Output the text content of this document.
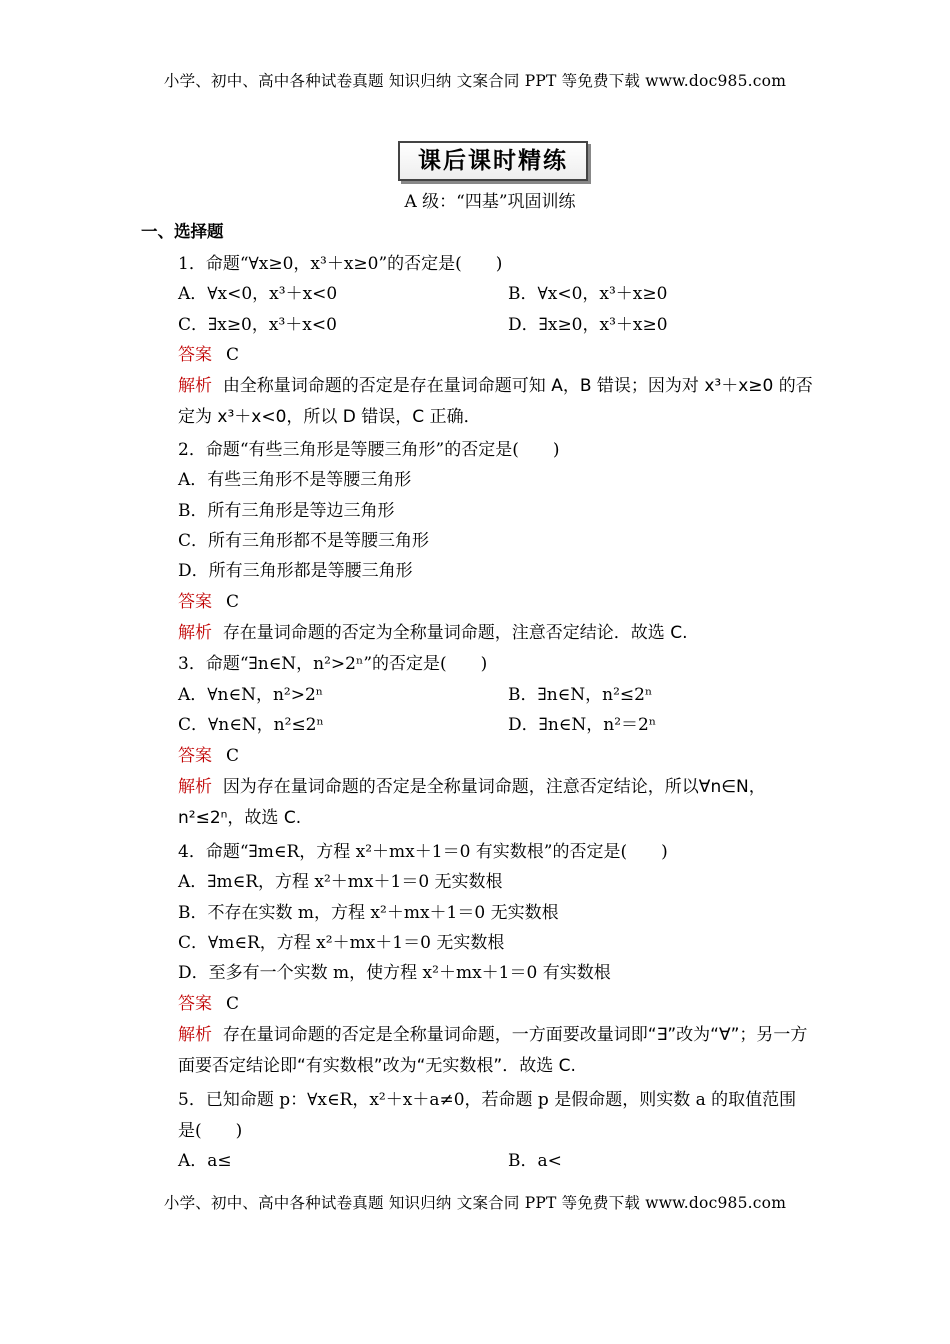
小学、初中、高中各种试卷真题 知识归纳 文案合同 PPT 等免费下载 www.doc985.com
课后课时精练
A 级：“四基”巩固训练
一、选择题
1．命题“∀x≥0，x³＋x≥0”的否定是(　　)
A．∀x<0，x³＋x<0	B．∀x<0，x³＋x≥0
C．∃x≥0，x³＋x<0	D．∃x≥0，x³＋x≥0
答案 C
解析 由全称量词命题的否定是存在量词命题可知 A，B 错误；因为对 x³＋x≥0 的否定为 x³＋x<0，所以 D 错误，C 正确．
2．命题“有些三角形是等腰三角形”的否定是(　　)
A．有些三角形不是等腰三角形
B．所有三角形是等边三角形
C．所有三角形都不是等腰三角形
D．所有三角形都是等腰三角形
答案 C
解析 存在量词命题的否定为全称量词命题，注意否定结论．故选 C.
3．命题“∃n∈N，n²>2ⁿ”的否定是(　　)
A．∀n∈N，n²>2ⁿ	B．∃n∈N，n²≤2ⁿ
C．∀n∈N，n²≤2ⁿ	D．∃n∈N，n²＝2ⁿ
答案 C
解析 因为存在量词命题的否定是全称量词命题，注意否定结论，所以∀n∈N，n²≤2ⁿ，故选 C.
4．命题“∃m∈R，方程 x²＋mx＋1＝0 有实数根”的否定是(　　)
A．∃m∈R，方程 x²＋mx＋1＝0 无实数根
B．不存在实数 m，方程 x²＋mx＋1＝0 无实数根
C．∀m∈R，方程 x²＋mx＋1＝0 无实数根
D．至多有一个实数 m，使方程 x²＋mx＋1＝0 有实数根
答案 C
解析 存在量词命题的否定是全称量词命题，一方面要改量词即“∃”改为“∀”；另一方面要否定结论即“有实数根”改为“无实数根”．故选 C.
5．已知命题 p：∀x∈R，x²＋x＋a≠0，若命题 p 是假命题，则实数 a 的取值范围是(　　)
A．a≤	B．a<
小学、初中、高中各种试卷真题 知识归纳 文案合同 PPT 等免费下载 www.doc985.com
